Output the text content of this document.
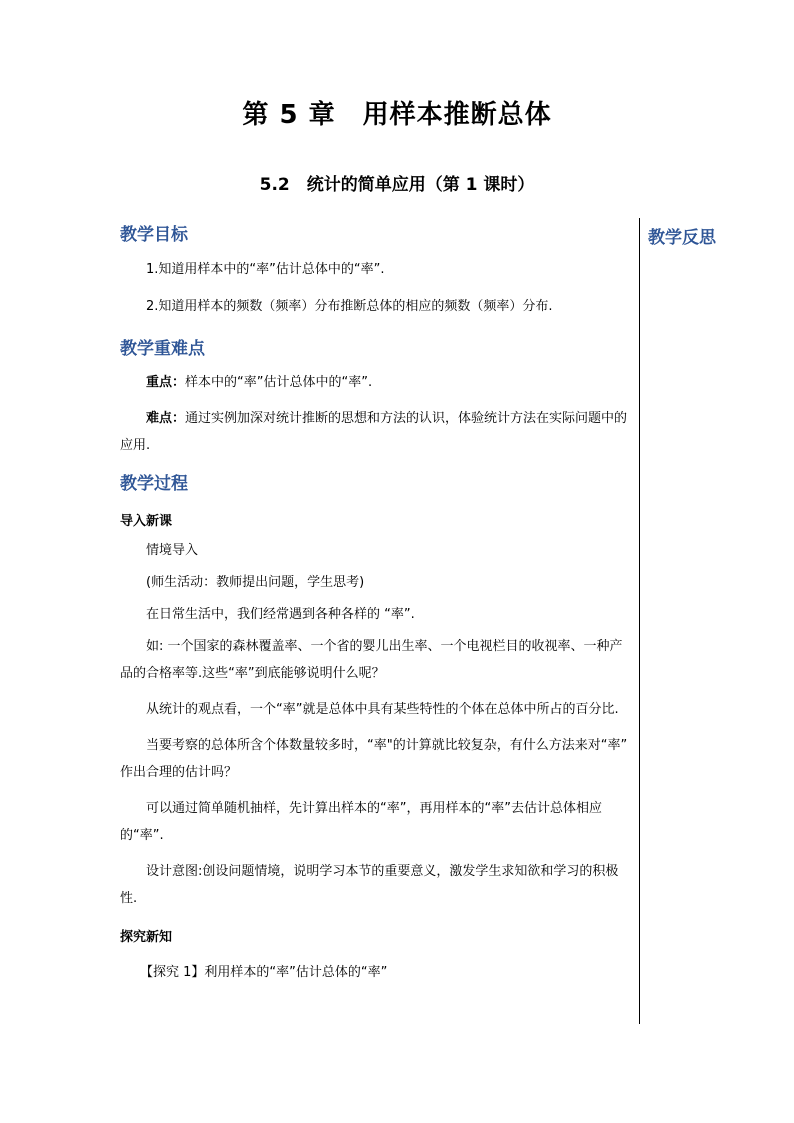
第 5 章　用样本推断总体
5.2　统计的简单应用（第 1 课时）
教学反思
教学目标

1.知道用样本中的“率”估计总体中的“率”.

2.知道用样本的频数（频率）分布推断总体的相应的频数（频率）分布.

教学重难点

重点：样本中的“率”估计总体中的“率”.

难点：通过实例加深对统计推断的思想和方法的认识，体验统计方法在实际问题中的应用.

教学过程
导入新课

情境导入

(师生活动：教师提出问题，学生思考)

在日常生活中，我们经常遇到各种各样的 “率”.

如: 一个国家的森林覆盖率、一个省的婴儿出生率、一个电视栏目的收视率、一种产品的合格率等.这些“率”到底能够说明什么呢？

从统计的观点看，一个“率”就是总体中具有某些特性的个体在总体中所占的百分比.

当要考察的总体所含个体数量较多时，“率"的计算就比较复杂，有什么方法来对“率” 作出合理的估计吗？

可以通过简单随机抽样，先计算出样本的“率”，再用样本的“率”去估计总体相应的“率”.

设计意图:创设问题情境，说明学习本节的重要意义，激发学生求知欲和学习的积极性.

探究新知

【探究 1】利用样本的“率”估计总体的“率”
